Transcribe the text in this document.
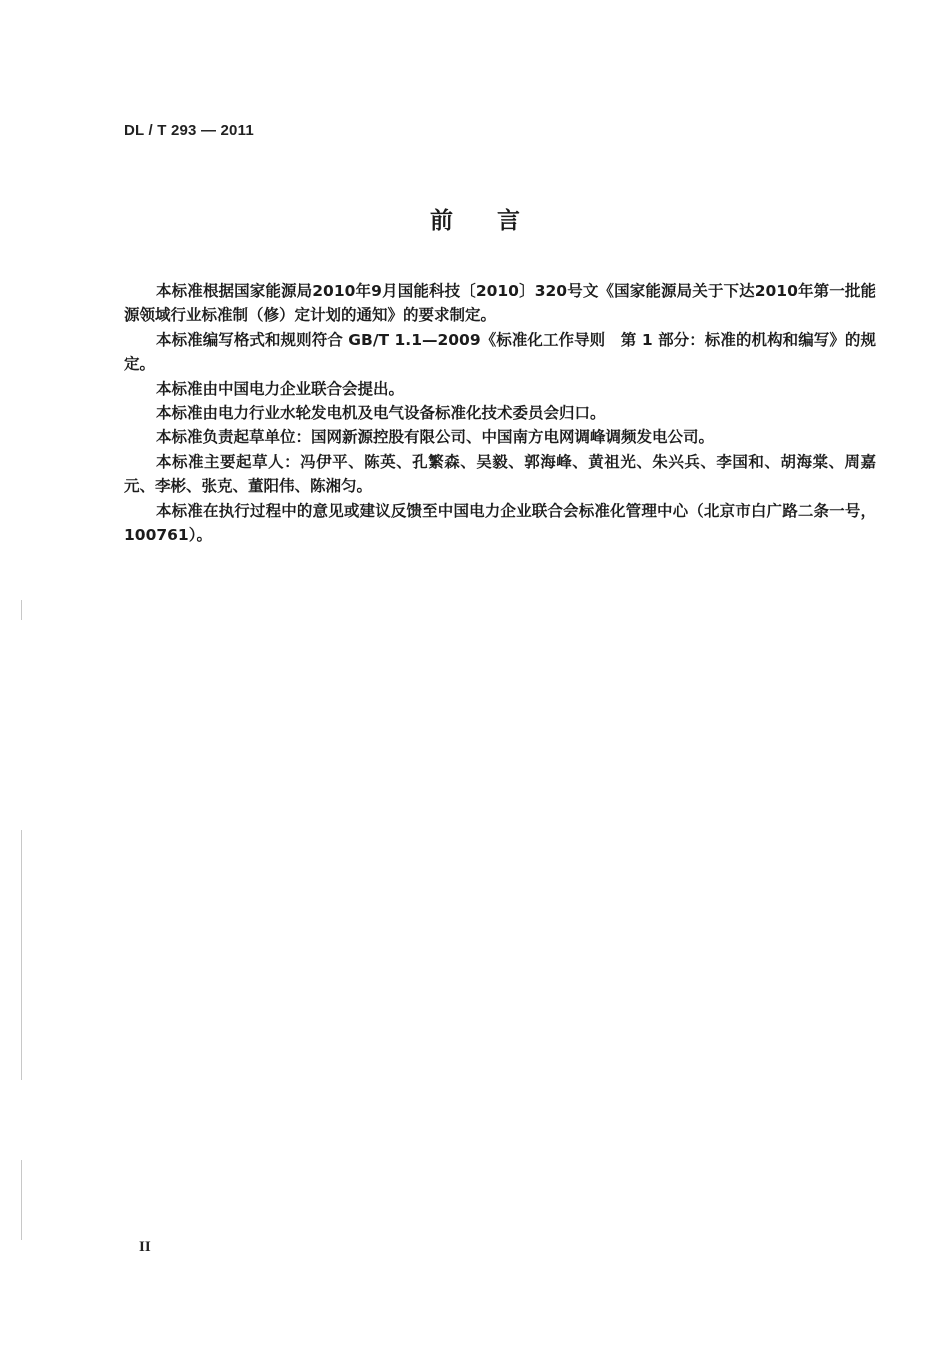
DL / T 293 — 2011
前言

本标准根据国家能源局2010年9月国能科技〔2010〕320号文《国家能源局关于下达2010年第一批能源领域行业标准制（修）定计划的通知》的要求制定。

本标准编写格式和规则符合 GB/T 1.1—2009《标准化工作导则　第 1 部分：标准的机构和编写》的规定。

本标准由中国电力企业联合会提出。

本标准由电力行业水轮发电机及电气设备标准化技术委员会归口。

本标准负责起草单位：国网新源控股有限公司、中国南方电网调峰调频发电公司。

本标准主要起草人：冯伊平、陈英、孔繁森、吴毅、郭海峰、黄祖光、朱兴兵、李国和、胡海棠、周嘉元、李彬、张克、董阳伟、陈湘匀。

本标准在执行过程中的意见或建议反馈至中国电力企业联合会标准化管理中心（北京市白广路二条一号，100761）。

II
